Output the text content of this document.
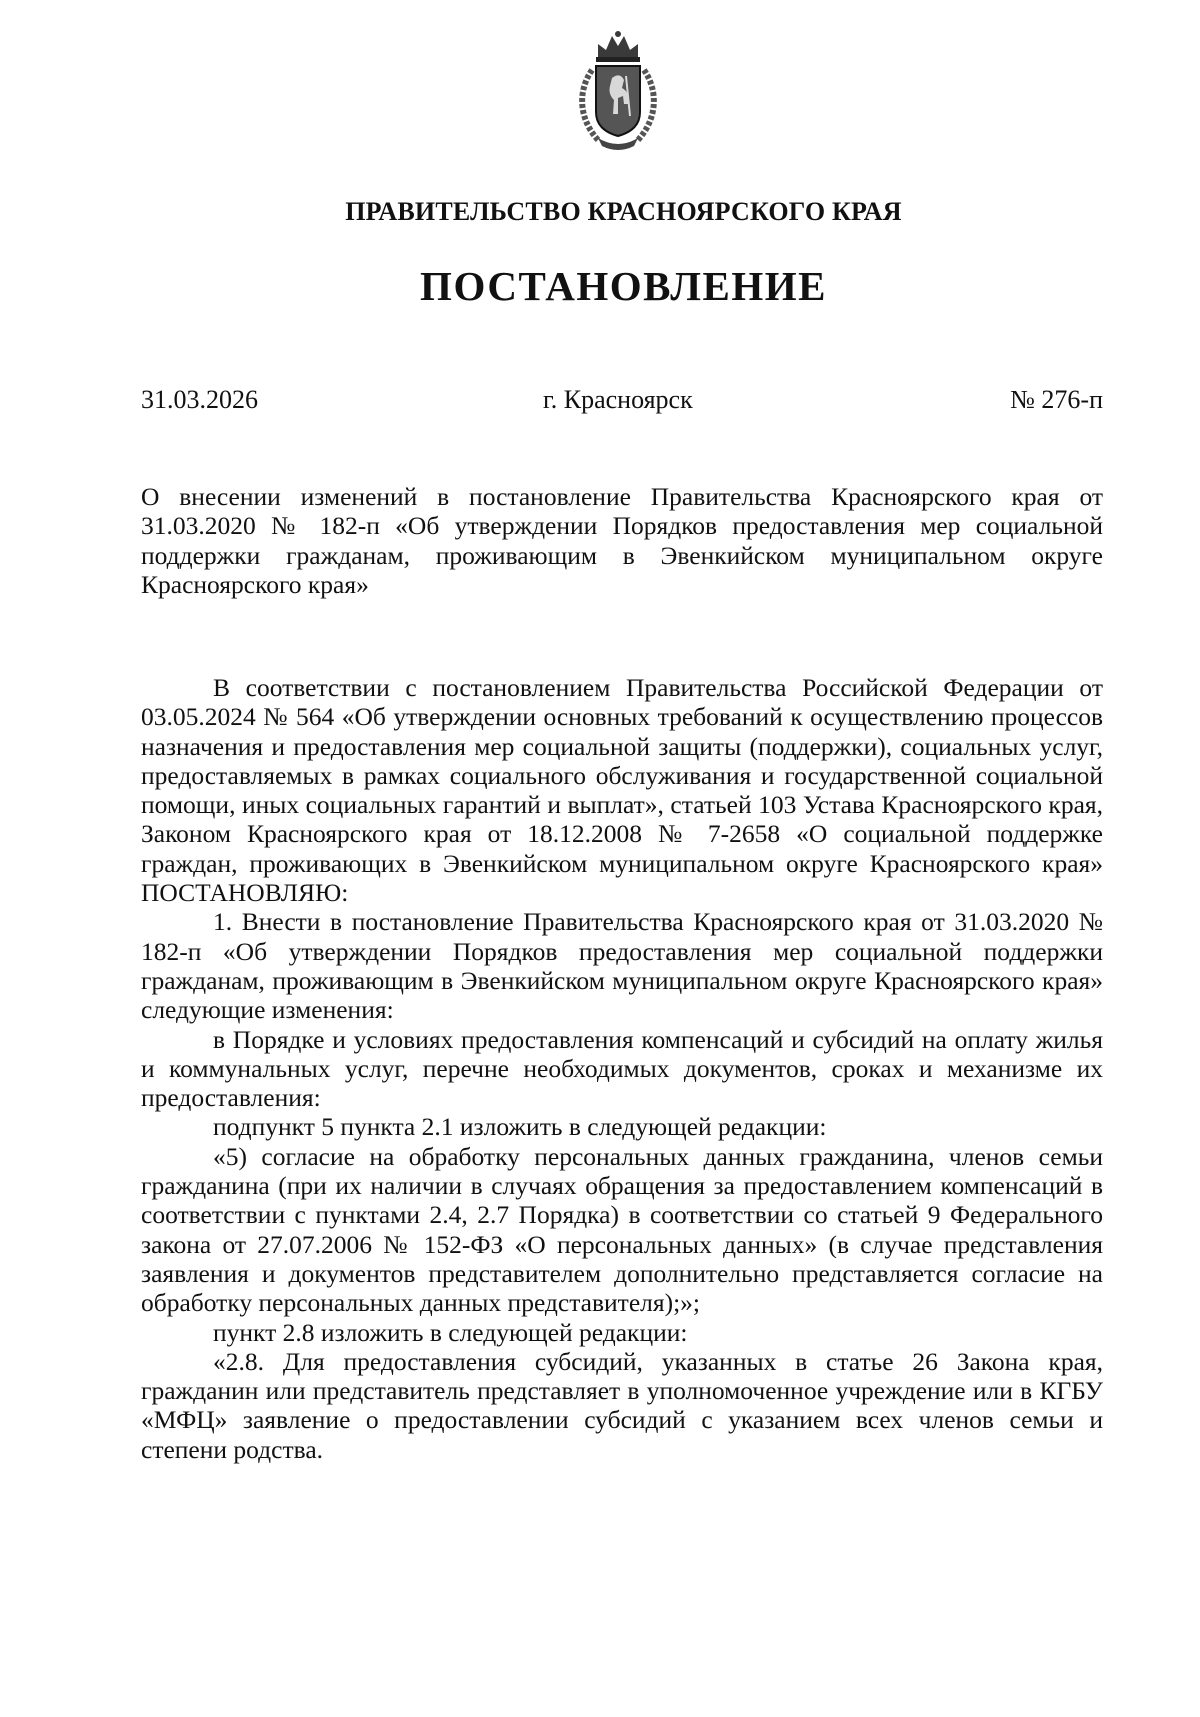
ПРАВИТЕЛЬСТВО КРАСНОЯРСКОГО КРАЯ
ПОСТАНОВЛЕНИЕ
31.03.2026	г. Красноярск	№ 276-п

О внесении изменений в постановление Правительства Красноярского края от 31.03.2020 № 182-п «Об утверждении Порядков предоставления мер социальной поддержки гражданам, проживающим в Эвенкийском муниципальном округе Красноярского края»

В соответствии с постановлением Правительства Российской Федерации от 03.05.2024 № 564 «Об утверждении основных требований к осуществлению процессов назначения и предоставления мер социальной защиты (поддержки), социальных услуг, предоставляемых в рамках социального обслуживания и государственной социальной помощи, иных социальных гарантий и выплат», статьей 103 Устава Красноярского края, Законом Красноярского края от 18.12.2008 № 7-2658 «О социальной поддержке граждан, проживающих в Эвенкийском муниципальном округе Красноярского края» ПОСТАНОВЛЯЮ:

1. Внести в постановление Правительства Красноярского края от 31.03.2020 № 182-п «Об утверждении Порядков предоставления мер социальной поддержки гражданам, проживающим в Эвенкийском муниципальном округе Красноярского края» следующие изменения:

в Порядке и условиях предоставления компенсаций и субсидий на оплату жилья и коммунальных услуг, перечне необходимых документов, сроках и механизме их предоставления:

подпункт 5 пункта 2.1 изложить в следующей редакции:

«5) согласие на обработку персональных данных гражданина, членов семьи гражданина (при их наличии в случаях обращения за предоставлением компенсаций в соответствии с пунктами 2.4, 2.7 Порядка) в соответствии со статьей 9 Федерального закона от 27.07.2006 № 152-ФЗ «О персональных данных» (в случае представления заявления и документов представителем дополнительно представляется согласие на обработку персональных данных представителя);»;

пункт 2.8 изложить в следующей редакции:

«2.8. Для предоставления субсидий, указанных в статье 26 Закона края, гражданин или представитель представляет в уполномоченное учреждение или в КГБУ «МФЦ» заявление о предоставлении субсидий с указанием всех членов семьи и степени родства.
